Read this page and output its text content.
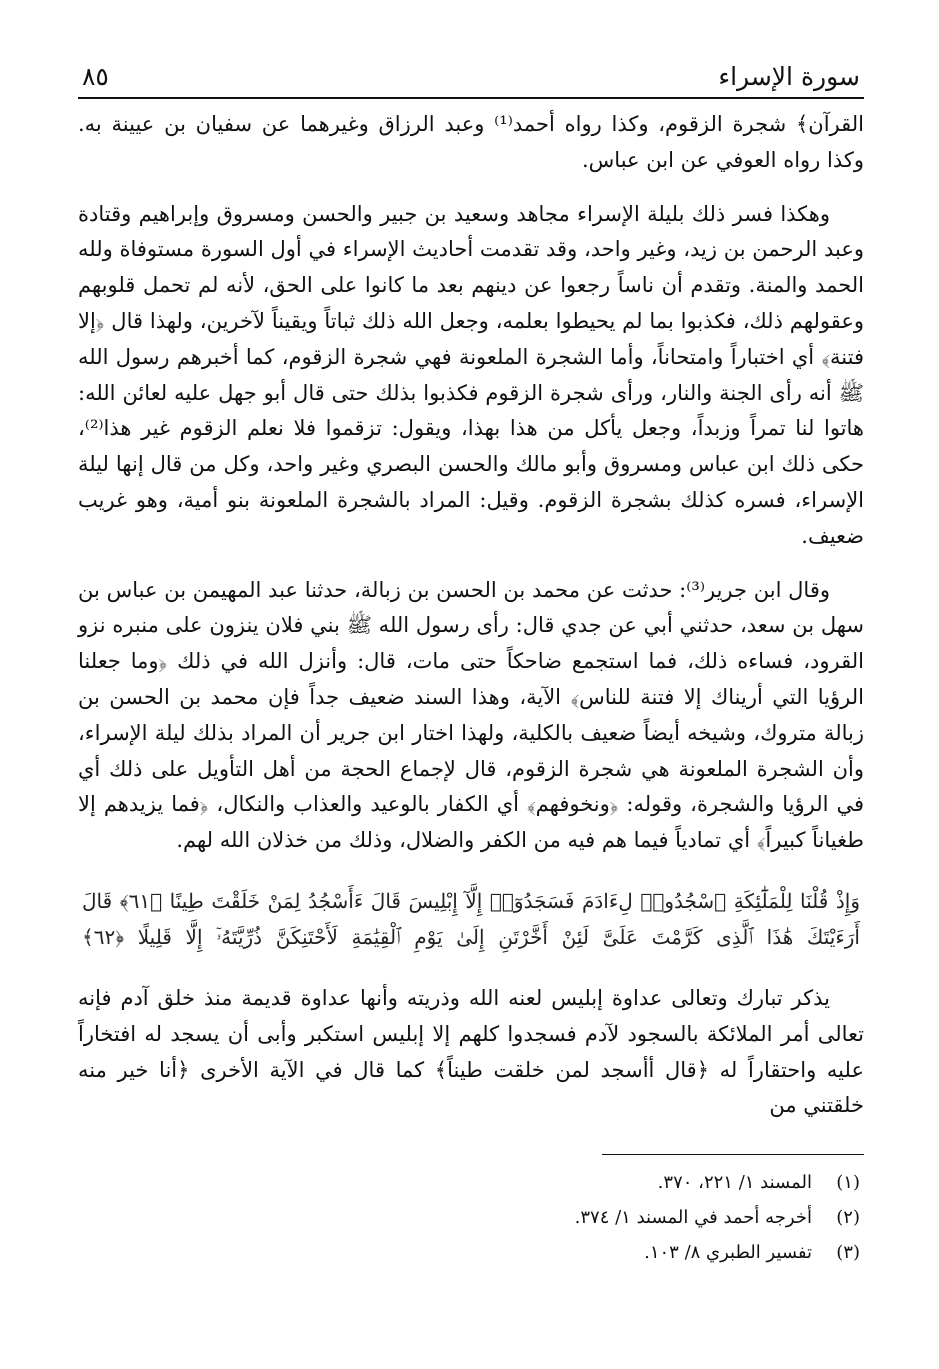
سورة الإسراء
٨٥

القرآن﴾ شجرة الزقوم، وكذا رواه أحمد⁽¹⁾ وعبد الرزاق وغيرهما عن سفيان بن عيينة به. وكذا رواه العوفي عن ابن عباس.

وهكذا فسر ذلك بليلة الإسراء مجاهد وسعيد بن جبير والحسن ومسروق وإبراهيم وقتادة وعبد الرحمن بن زيد، وغير واحد، وقد تقدمت أحاديث الإسراء في أول السورة مستوفاة ولله الحمد والمنة. وتقدم أن ناساً رجعوا عن دينهم بعد ما كانوا على الحق، لأنه لم تحمل قلوبهم وعقولهم ذلك، فكذبوا بما لم يحيطوا بعلمه، وجعل الله ذلك ثباتاً ويقيناً لآخرين، ولهذا قال ﴿إلا فتنة﴾ أي اختباراً وامتحاناً، وأما الشجرة الملعونة فهي شجرة الزقوم، كما أخبرهم رسول الله ﷺ أنه رأى الجنة والنار، ورأى شجرة الزقوم فكذبوا بذلك حتى قال أبو جهل عليه لعائن الله: هاتوا لنا تمراً وزبداً، وجعل يأكل من هذا بهذا، ويقول: تزقموا فلا نعلم الزقوم غير هذا⁽²⁾، حكى ذلك ابن عباس ومسروق وأبو مالك والحسن البصري وغير واحد، وكل من قال إنها ليلة الإسراء، فسره كذلك بشجرة الزقوم. وقيل: المراد بالشجرة الملعونة بنو أمية، وهو غريب ضعيف.

وقال ابن جرير⁽³⁾: حدثت عن محمد بن الحسن بن زبالة، حدثنا عبد المهيمن بن عباس بن سهل بن سعد، حدثني أبي عن جدي قال: رأى رسول الله ﷺ بني فلان ينزون على منبره نزو القرود، فساءه ذلك، فما استجمع ضاحكاً حتى مات، قال: وأنزل الله في ذلك ﴿وما جعلنا الرؤيا التي أريناك إلا فتنة للناس﴾ الآية، وهذا السند ضعيف جداً فإن محمد بن الحسن بن زبالة متروك، وشيخه أيضاً ضعيف بالكلية، ولهذا اختار ابن جرير أن المراد بذلك ليلة الإسراء، وأن الشجرة الملعونة هي شجرة الزقوم، قال لإجماع الحجة من أهل التأويل على ذلك أي في الرؤيا والشجرة، وقوله: ﴿ونخوفهم﴾ أي الكفار بالوعيد والعذاب والنكال، ﴿فما يزيدهم إلا طغياناً كبيراً﴾ أي تمادياً فيما هم فيه من الكفر والضلال، وذلك من خذلان الله لهم.

وَإِذْ قُلْنَا لِلْمَلَٰٓئِكَةِ ٱسْجُدُوا۟ لِءَادَمَ فَسَجَدُوٓا۟ إِلَّآ إِبْلِيسَ قَالَ ءَأَسْجُدُ لِمَنْ خَلَقْتَ طِينًا ﴿٦١﴾ قَالَ أَرَءَيْتَكَ هَٰذَا ٱلَّذِى كَرَّمْتَ عَلَىَّ لَئِنْ أَخَّرْتَنِ إِلَىٰ يَوْمِ ٱلْقِيَٰمَةِ لَأَحْتَنِكَنَّ ذُرِّيَّتَهُۥٓ إِلَّا قَلِيلًا ﴿٦٢﴾

يذكر تبارك وتعالى عداوة إبليس لعنه الله وذريته وأنها عداوة قديمة منذ خلق آدم فإنه تعالى أمر الملائكة بالسجود لآدم فسجدوا كلهم إلا إبليس استكبر وأبى أن يسجد له افتخاراً عليه واحتقاراً له ﴿قال أأسجد لمن خلقت طيناً﴾ كما قال في الآية الأخرى ﴿أنا خير منه خلقتني من

(١)
المسند ١/ ٢٢١، ٣٧٠.
(٢)
أخرجه أحمد في المسند ١/ ٣٧٤.
(٣)
تفسير الطبري ٨/ ١٠٣.
